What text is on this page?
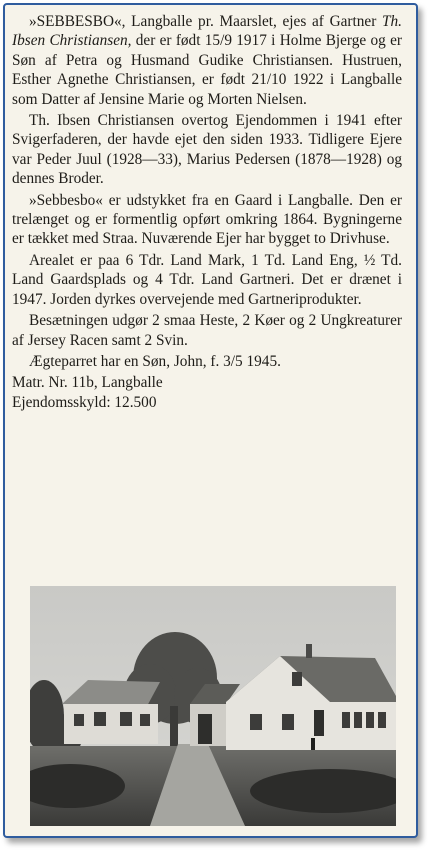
»SEBBESBO«, Langballe pr. Maarslet, ejes af Gartner Th. Ibsen Christiansen, der er født 15/9 1917 i Holme Bjerge og er Søn af Petra og Husmand Gudike Christiansen. Hustruen, Esther Agnethe Christiansen, er født 21/10 1922 i Langballe som Datter af Jensine Marie og Morten Nielsen.

Th. Ibsen Christiansen overtog Ejendommen i 1941 efter Svigerfaderen, der havde ejet den siden 1933. Tidligere Ejere var Peder Juul (1928—33), Marius Pedersen (1878—1928) og dennes Broder.

»Sebbesbo« er udstykket fra en Gaard i Langballe. Den er trelænget og er formentlig opført omkring 1864. Bygningerne er tækket med Straa. Nuværende Ejer har bygget to Drivhuse.

Arealet er paa 6 Tdr. Land Mark, 1 Td. Land Eng, ½ Td. Land Gaardsplads og 4 Tdr. Land Gartneri. Det er drænet i 1947. Jorden dyrkes overvejende med Gartneriprodukter.

Besætningen udgør 2 smaa Heste, 2 Køer og 2 Ungkreaturer af Jersey Racen samt 2 Svin.

Ægteparret har en Søn, John, f. 3/5 1945.

Matr. Nr. 11b, Langballe

Ejendomsskyld: 12.500
